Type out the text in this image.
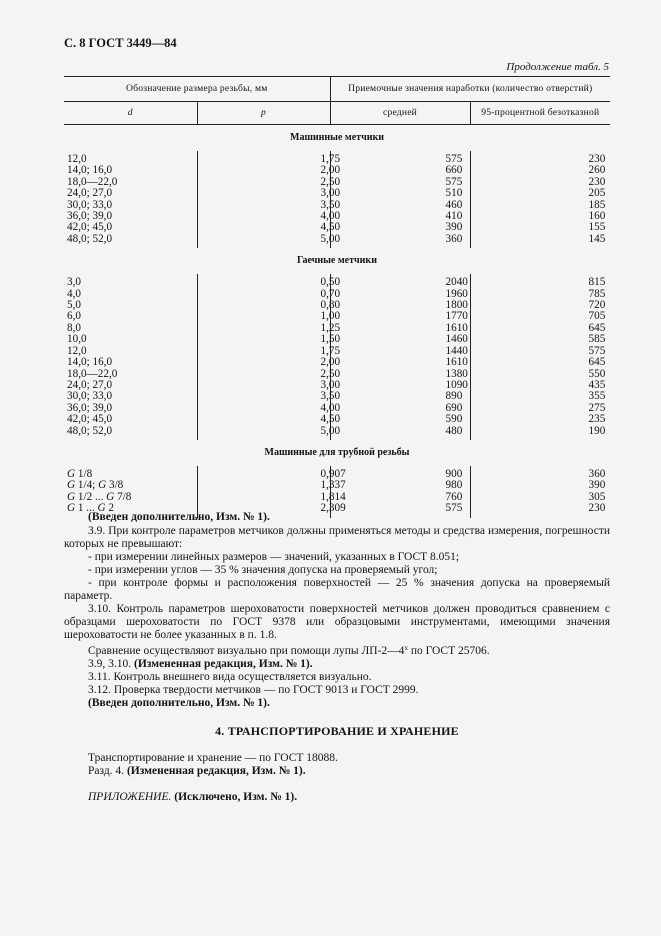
С. 8 ГОСТ 3449—84
Продолжение табл. 5
Обозначение размера резьбы, мм		Приемочные значения наработки (количество отверстий)	
d	p	средней	95-процентной безотказной
Машинные метчики			
12,0	1,75	575	230
14,0; 16,0	2,00	660	260
18,0—22,0	2,50	575	230
24,0; 27,0	3,00	510	205
30,0; 33,0	3,50	460	185
36,0; 39,0	4,00	410	160
42,0; 45,0	4,50	390	155
48,0; 52,0	5,00	360	145
Гаечные метчики			
3,0	0,50	2040	815
4,0	0,70	1960	785
5,0	0,80	1800	720
6,0	1,00	1770	705
8,0	1,25	1610	645
10,0	1,50	1460	585
12,0	1,75	1440	575
14,0; 16,0	2,00	1610	645
18,0—22,0	2,50	1380	550
24,0; 27,0	3,00	1090	435
30,0; 33,0	3,50	890	355
36,0; 39,0	4,00	690	275
42,0; 45,0	4,50	590	235
48,0; 52,0	5,00	480	190
Машинные для трубной резьбы			
G 1/8	0,907	900	360
G 1/4; G 3/8	1,337	980	390
G 1/2 ... G 7/8	1,814	760	305
G 1 ... G 2	2,309	575	230

(Введен дополнительно, Изм. № 1).

3.9. При контроле параметров метчиков должны применяться методы и средства измерения, погрешности которых не превышают:

- при измерении линейных размеров — значений, указанных в ГОСТ 8.051;

- при измерении углов — 35 % значения допуска на проверяемый угол;

- при контроле формы и расположения поверхностей — 25 % значения допуска на проверяемый параметр.

3.10. Контроль параметров шероховатости поверхностей метчиков должен проводиться сравнением с образцами шероховатости по ГОСТ 9378 или образцовыми инструментами, имеющими значения шероховатости не более указанных в п. 1.8.

Сравнение осуществляют визуально при помощи лупы ЛП-2—4$^x$ по ГОСТ 25706.

3.9, 3.10. (Измененная редакция, Изм. № 1).

3.11. Контроль внешнего вида осуществляется визуально.

3.12. Проверка твердости метчиков — по ГОСТ 9013 и ГОСТ 2999.

(Введен дополнительно, Изм. № 1).

4. ТРАНСПОРТИРОВАНИЕ И ХРАНЕНИЕ

Транспортирование и хранение — по ГОСТ 18088.

Разд. 4. (Измененная редакция, Изм. № 1).

ПРИЛОЖЕНИЕ. (Исключено, Изм. № 1).
